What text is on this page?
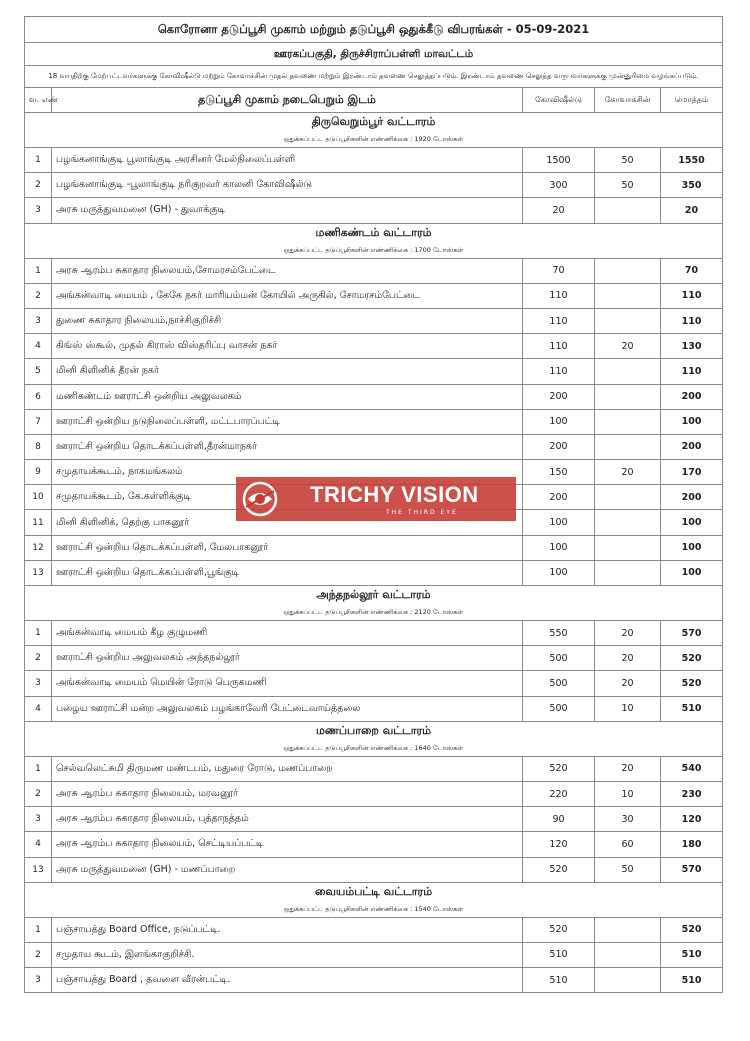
கொரோனா தடுப்பூசி முகாம் மற்றும் தடுப்பூசி ஒதுக்கீடு விபரங்கள் - 05-09-2021				
ஊரகப்பகுதி, திருச்சிராப்பள்ளி மாவட்டம்				
18 வயதிற்கு மேற்பட்டவர்களுக்கு கோவிஷீல்டு மற்றும் கோவாக்சின் முதல் தவணை மற்றும் இரண்டாம் தவணை செலுத்தப்படும். இரண்டாம் தவணை செலுத்த வருபவர்களுக்கு முன்னுரிமை வழங்கப்படும்.				
வ. எண்	தடுப்பூசி முகாம் நடைபெறும் இடம்	கோவிஷீல்டு	கோவாக்சின்	மொத்தம்
திருவெறும்பூர் வட்டாரம்				
ஒதுக்கப்பட்ட தடுப்பூசிகளின் எண்ணிக்கை : 1920 டோஸ்கள்				
1	பழங்கனாங்குடி பூலாங்குடி அரசினர் மேல்நிலைப்பள்ளி	1500	50	1550
2	பழங்கனாங்குடி -பூலாங்குடி நரிகுறவர் காலனி கோவிஷீல்டு	300	50	350
3	அரசு மருத்துவமனை (GH) - துவாக்குடி	20		20
மணிகண்டம் வட்டாரம்				
ஒதுக்கப்பட்ட தடுப்பூசிகளின் எண்ணிக்கை : 1700 டோஸ்கள்				
1	அரசு ஆரம்ப சுகாதார நிலையம்,சோமரசம்பேட்டை	70		70
2	அங்கன்வாடி மையம் , கேகே நகர் மாரியம்மன் கோயில் அருகில், சோமரசம்பேட்டை	110		110
3	துணை சுகாதார நிலையம்,நாச்சிகுறிச்சி	110		110
4	கிங்ஸ் ஸ்கூல், முதல் கிராஸ் விஸ்தரிப்பு வாசன் நகர்	110	20	130
5	மினி கிளினிக் தீரன் நகர்	110		110
6	மணிகண்டம் ஊராட்சி ஒன்றிய அலுவலகம்	200		200
7	ஊராட்சி ஒன்றிய நடுநிலைப்பள்ளி, மட்டபாரப்பட்டி	100		100
8	ஊராட்சி ஒன்றிய தொடக்கப்பள்ளி,தீரன்மாநகர்	200		200
9	சமுதாயக்கூடம், நாகமங்கலம்	150	20	170
10	சமுதாயக்கூடம், கே.கள்ளிக்குடி	200		200
11	மினி கிளினிக், தெற்கு பாகனூர்	100		100
12	ஊராட்சி ஒன்றிய தொடக்கப்பள்ளி, மேலபாகனூர்	100		100
13	ஊராட்சி ஒன்றிய தொடக்கப்பள்ளி,பூங்குடி	100		100
அந்தநல்லூர் வட்டாரம்				
ஒதுக்கப்பட்ட தடுப்பூசிகளின் எண்ணிக்கை : 2120 டோஸ்கள்				
1	அங்கன்வாடி மையம் கீழ குழுமணி	550	20	570
2	ஊராட்சி ஒன்றிய அலுவலகம் அந்தநல்லூர்	500	20	520
3	அங்கன்வாடி மையம் மெயின் ரோடு பெருகமணி	500	20	520
4	பழைய ஊராட்சி மன்ற அலுவலகம் பழங்காவேரி பேட்டைவாய்த்தலை	500	10	510
மணப்பாறை வட்டாரம்				
ஒதுக்கப்பட்ட தடுப்பூசிகளின் எண்ணிக்கை : 1640 டோஸ்கள்				
1	செல்வலெட்சுமி திருமண மண்டபம், மதுரை ரோடு, மணப்பாறை	520	20	540
2	அரசு ஆரம்ப சுகாதார நிலையம், மரவனூர்	220	10	230
3	அரசு ஆரம்ப சுகாதார நிலையம், புத்தாநத்தம்	90	30	120
4	அரசு ஆரம்ப சுகாதார நிலையம், செட்டியப்பட்டி	120	60	180
13	அரசு மருத்துவமனை (GH) - மணப்பாறை	520	50	570
வையம்பட்டி வட்டாரம்				
ஒதுக்கப்பட்ட தடுப்பூசிகளின் எண்ணிக்கை : 1540 டோஸ்கள்				
1	பஞ்சாயத்து Board Office, நடுப்பட்டி.	520		520
2	சமுதாய கூடம், இளங்காகுறிச்சி.	510		510
3	பஞ்சாயத்து Board , தவளை வீரன்பட்டி.	510		510
TRICHY VISION
THE THIRD EYE
